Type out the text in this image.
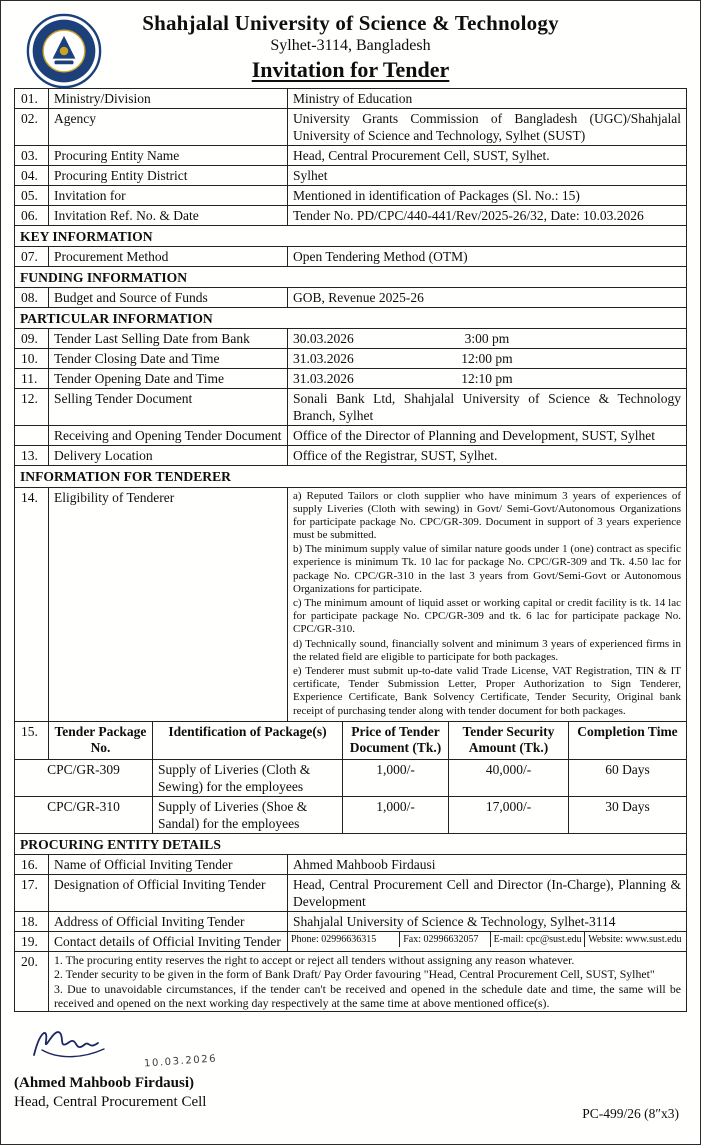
Shahjalal University of Science & Technology
Sylhet-3114, Bangladesh
Invitation for Tender
01.	Ministry/Division	Ministry of Education
02.	Agency	University Grants Commission of Bangladesh (UGC)/Shahjalal University of Science and Technology, Sylhet (SUST)
03.	Procuring Entity Name	Head, Central Procurement Cell, SUST, Sylhet.
04.	Procuring Entity District	Sylhet
05.	Invitation for	Mentioned in identification of Packages (Sl. No.: 15)
06.	Invitation Ref. No. & Date	Tender No. PD/CPC/440-441/Rev/2025-26/32, Date: 10.03.2026
KEY INFORMATION		
07.	Procurement Method	Open Tendering Method (OTM)
FUNDING INFORMATION		
08.	Budget and Source of Funds	GOB, Revenue 2025-26
PARTICULAR INFORMATION		
09.	Tender Last Selling Date from Bank	30.03.2026 3:00 pm

10.	Tender Closing Date and Time	31.03.2026 12:00 pm

11.	Tender Opening Date and Time	31.03.2026 12:10 pm

12.	Selling Tender Document	Sonali Bank Ltd, Shahjalal University of Science & Technology Branch, Sylhet
	Receiving and Opening Tender Document	Office of the Director of Planning and Development, SUST, Sylhet
13.	Delivery Location	Office of the Registrar, SUST, Sylhet.
INFORMATION FOR TENDERER		
14.	Eligibility of Tenderer	a) Reputed Tailors or cloth supplier who have minimum 3 years of experiences of supply Liveries (Cloth with sewing) in Govt/ Semi-Govt/Autonomous Organizations for participate package No. CPC/GR-309. Document in support of 3 years experience must be submitted.

b) The minimum supply value of similar nature goods under 1 (one) contract as specific experience is minimum Tk. 10 lac for package No. CPC/GR-309 and Tk. 4.50 lac for package No. CPC/GR-310 in the last 3 years from Govt/Semi-Govt or Autonomous Organizations for participate.

c) The minimum amount of liquid asset or working capital or credit facility is tk. 14 lac for participate package No. CPC/GR-309 and tk. 6 lac for participate package No. CPC/GR-310.

d) Technically sound, financially solvent and minimum 3 years of experienced firms in the related field are eligible to participate for both packages.

e) Tenderer must submit up-to-date valid Trade License, VAT Registration, TIN & IT certificate, Tender Submission Letter, Proper Authorization to Sign Tenderer, Experience Certificate, Bank Solvency Certificate, Tender Security, Original bank receipt of purchasing tender along with tender document for both packages.

15.	Tender Package No.	Identification of Package(s)	Price of Tender Document (Tk.)	Tender Security Amount (Tk.)	Completion Time
CPC/GR-309		Supply of Liveries (Cloth & Sewing) for the employees	1,000/-	40,000/-	60 Days
CPC/GR-310		Supply of Liveries (Shoe & Sandal) for the employees	1,000/-	17,000/-	30 Days
PROCURING ENTITY DETAILS		
16.	Name of Official Inviting Tender	Ahmed Mahboob Firdausi
17.	Designation of Official Inviting Tender	Head, Central Procurement Cell and Director (In-Charge), Planning & Development
18.	Address of Official Inviting Tender	Shahjalal University of Science & Technology, Sylhet-3114
19.	Contact details of Official Inviting Tender	Phone: 02996636315 Fax: 02996632057 E-mail: cpc@sust.edu Website: www.sust.edu

20.	1. The procuring entity reserves the right to accept or reject all tenders without assigning any reason whatever.
2. Tender security to be given in the form of Bank Draft/ Pay Order favouring "Head, Central Procurement Cell, SUST, Sylhet"
3. Due to unavoidable circumstances, if the tender can't be received and opened in the schedule date and time, the same will be received and opened on the next working day respectively at the same time at above mentioned office(s).	
10.03.2026
(Ahmed Mahboob Firdausi)
Head, Central Procurement Cell
PC-499/26 (8″x3)
